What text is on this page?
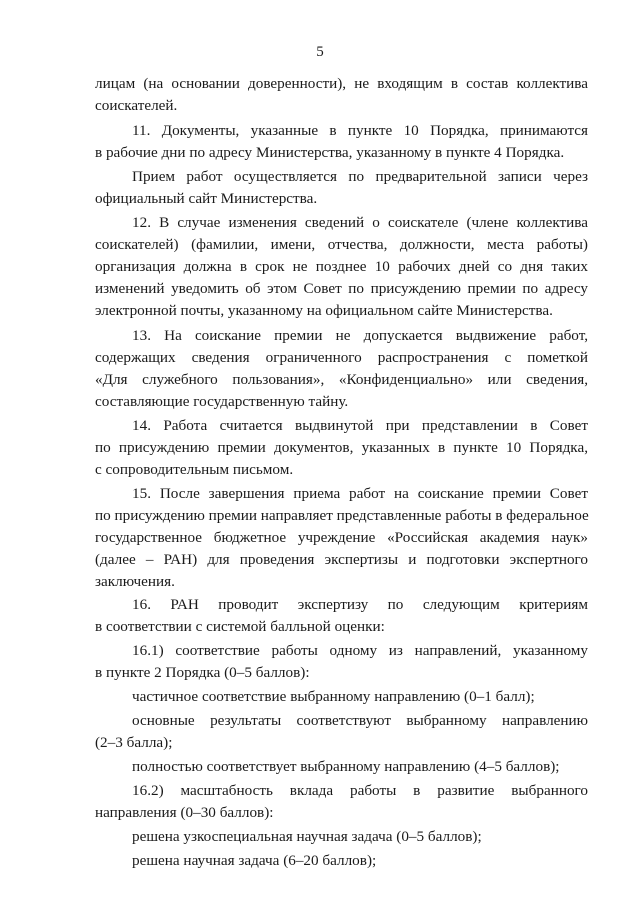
5
лицам (на основании доверенности), не входящим в состав коллектива
соискателей.
11. Документы, указанные в пункте 10 Порядка, принимаются
в рабочие дни по адресу Министерства, указанному в пункте 4 Порядка.
Прием работ осуществляется по предварительной записи через
официальный сайт Министерства.
12. В случае изменения сведений о соискателе (члене коллектива
соискателей) (фамилии, имени, отчества, должности, места работы)
организация должна в срок не позднее 10 рабочих дней со дня таких
изменений уведомить об этом Совет по присуждению премии по адресу
электронной почты, указанному на официальном сайте Министерства.
13. На соискание премии не допускается выдвижение работ,
содержащих сведения ограниченного распространения с пометкой
«Для служебного пользования», «Конфиденциально» или сведения,
составляющие государственную тайну.
14. Работа считается выдвинутой при представлении в Совет
по присуждению премии документов, указанных в пункте 10 Порядка,
с сопроводительным письмом.
15. После завершения приема работ на соискание премии Совет
по присуждению премии направляет представленные работы в федеральное
государственное бюджетное учреждение «Российская академия наук»
(далее – РАН) для проведения экспертизы и подготовки экспертного
заключения.
16. РАН проводит экспертизу по следующим критериям
в соответствии с системой балльной оценки:
16.1) соответствие работы одному из направлений, указанному
в пункте 2 Порядка (0–5 баллов):
частичное соответствие выбранному направлению (0–1 балл);
основные результаты соответствуют выбранному направлению
(2–3 балла);
полностью соответствует выбранному направлению (4–5 баллов);
16.2) масштабность вклада работы в развитие выбранного
направления (0–30 баллов):
решена узкоспециальная научная задача (0–5 баллов);
решена научная задача (6–20 баллов);
